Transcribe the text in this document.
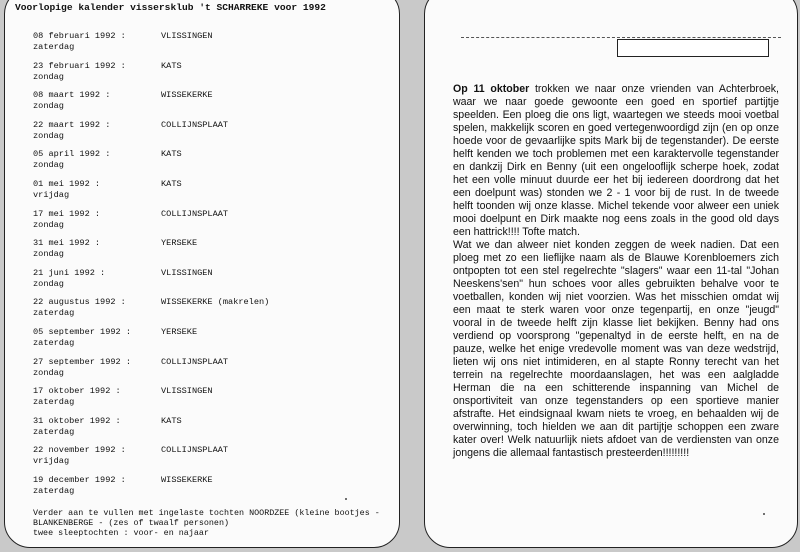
Voorlopige kalender vissersklub 't SCHARREKE voor 1992
08 februari 1992 :
zaterdag
VLISSINGEN
23 februari 1992 :
zondag
KATS
08 maart 1992 :
zondag
WISSEKERKE
22 maart 1992 :
zondag
COLLIJNSPLAAT
05 april 1992 :
zondag
KATS
01 mei 1992 :
vrijdag
KATS
17 mei 1992 :
zondag
COLLIJNSPLAAT
31 mei 1992 :
zondag
YERSEKE
21 juni 1992 :
zondag
VLISSINGEN
22 augustus 1992 :
zaterdag
WISSEKERKE (makrelen)
05 september 1992 :
zaterdag
YERSEKE
27 september 1992 :
zondag
COLLIJNSPLAAT
17 oktober 1992 :
zaterdag
VLISSINGEN
31 oktober 1992 :
zaterdag
KATS
22 november 1992 :
vrijdag
COLLIJNSPLAAT
19 december 1992 :
zaterdag
WISSEKERKE

Verder aan te vullen met ingelaste tochten NOORDZEE (kleine bootjes -
BLANKENBERGE - (zes of twaalf personen)
twee sleeptochten : voor- en najaar

Op 11 oktober trokken we naar onze vrienden van Achterbroek, waar we naar goede gewoonte een goed en sportief partijtje speelden. Een ploeg die ons ligt, waartegen we steeds mooi voetbal spelen, makkelijk scoren en goed vertegenwoordigd zijn (en op onze hoede voor de gevaarlijke spits Mark bij de tegenstander). De eerste helft kenden we toch problemen met een karaktervolle tegenstander en dankzij Dirk en Benny (uit een ongelooflijk scherpe hoek, zodat het een volle minuut duurde eer het bij iedereen doordrong dat het een doelpunt was) stonden we 2 - 1 voor bij de rust. In de tweede helft toonden wij onze klasse. Michel tekende voor alweer een uniek mooi doelpunt en Dirk maakte nog eens zoals in the good old days een hattrick!!!! Tofte match.

Wat we dan alweer niet konden zeggen de week nadien. Dat een ploeg met zo een lieflijke naam als de Blauwe Korenbloemers zich ontpopten tot een stel regelrechte "slagers" waar een 11-tal "Johan Neeskens'sen" hun schoes voor alles gebruikten behalve voor te voetballen, konden wij niet voorzien. Was het misschien omdat wij een maat te sterk waren voor onze tegenpartij, en onze "jeugd" vooral in de tweede helft zijn klasse liet bekijken. Benny had ons verdiend op voorsprong "gepenaltyd in de eerste helft, en na de pauze, welke het enige vredevolle moment was van deze wedstrijd, lieten wij ons niet intimideren, en al stapte Ronny terecht van het terrein na regelrechte moordaanslagen, het was een aalgladde Herman die na een schitterende inspanning van Michel de onsportiviteit van onze tegenstanders op een sportieve manier afstrafte. Het eindsignaal kwam niets te vroeg, en behaalden wij de overwinning, toch hielden we aan dit partijtje schoppen een zware kater over! Welk natuurlijk niets afdoet van de verdiensten van onze jongens die allemaal fantastisch presteerden!!!!!!!!!
